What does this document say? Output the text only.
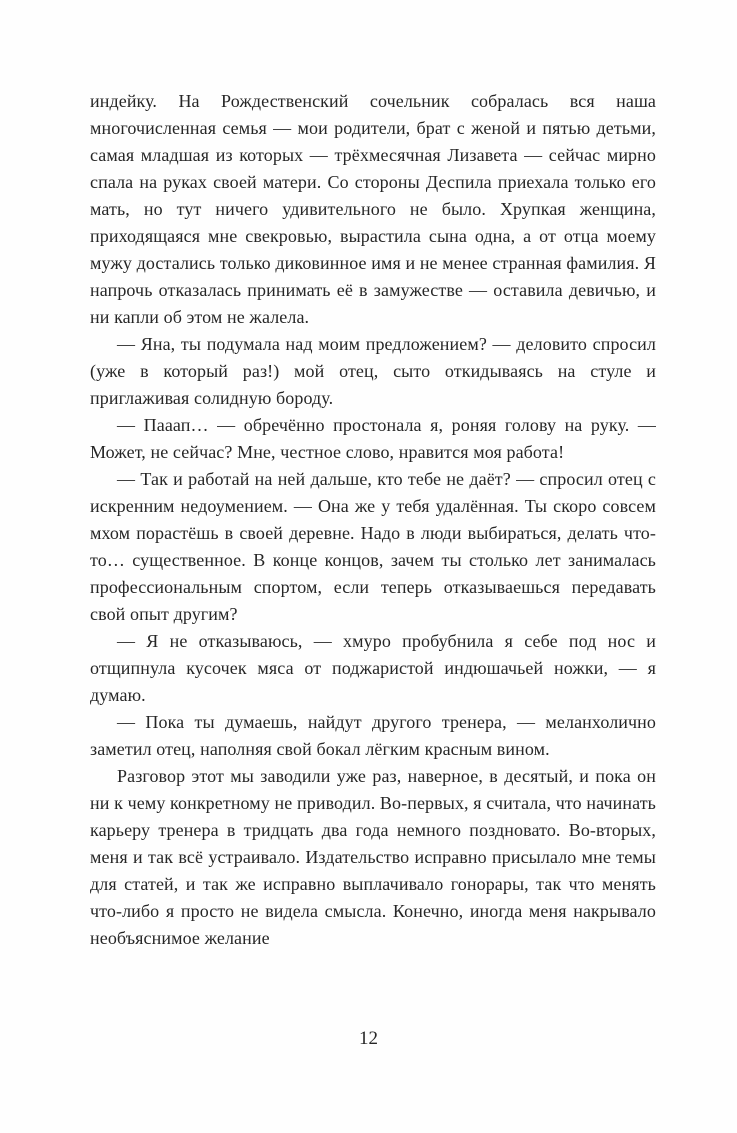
индейку. На Рождественский сочельник собралась вся наша многочисленная семья — мои родители, брат с женой и пятью детьми, самая младшая из которых — трёхмесячная Лизавета — сейчас мирно спала на руках своей матери. Со стороны Деспила приехала только его мать, но тут ничего удивительного не было. Хрупкая женщина, приходящаяся мне свекровью, вырастила сына одна, а от отца моему мужу достались только диковинное имя и не менее странная фамилия. Я напрочь отказалась принимать её в замужестве — оставила девичью, и ни капли об этом не жалела.

— Яна, ты подумала над моим предложением? — деловито спросил (уже в который раз!) мой отец, сыто откидываясь на стуле и приглаживая солидную бороду.

— Пааап… — обречённо простонала я, роняя голову на руку. — Может, не сейчас? Мне, честное слово, нравится моя работа!

— Так и работай на ней дальше, кто тебе не даёт? — спросил отец с искренним недоумением. — Она же у тебя удалённая. Ты скоро совсем мхом порастёшь в своей деревне. Надо в люди выбираться, делать что-то… существенное. В конце концов, зачем ты столько лет занималась профессиональным спортом, если теперь отказываешься передавать свой опыт другим?

— Я не отказываюсь, — хмуро пробубнила я себе под нос и отщипнула кусочек мяса от поджаристой индюшачьей ножки, — я думаю.

— Пока ты думаешь, найдут другого тренера, — меланхолично заметил отец, наполняя свой бокал лёгким красным вином.

Разговор этот мы заводили уже раз, наверное, в десятый, и пока он ни к чему конкретному не приводил. Во-первых, я считала, что начинать карьеру тренера в тридцать два года немного поздновато. Во-вторых, меня и так всё устраивало. Издательство исправно присылало мне темы для статей, и так же исправно выплачивало гонорары, так что менять что-либо я просто не видела смысла. Конечно, иногда меня накрывало необъяснимое желание

12
